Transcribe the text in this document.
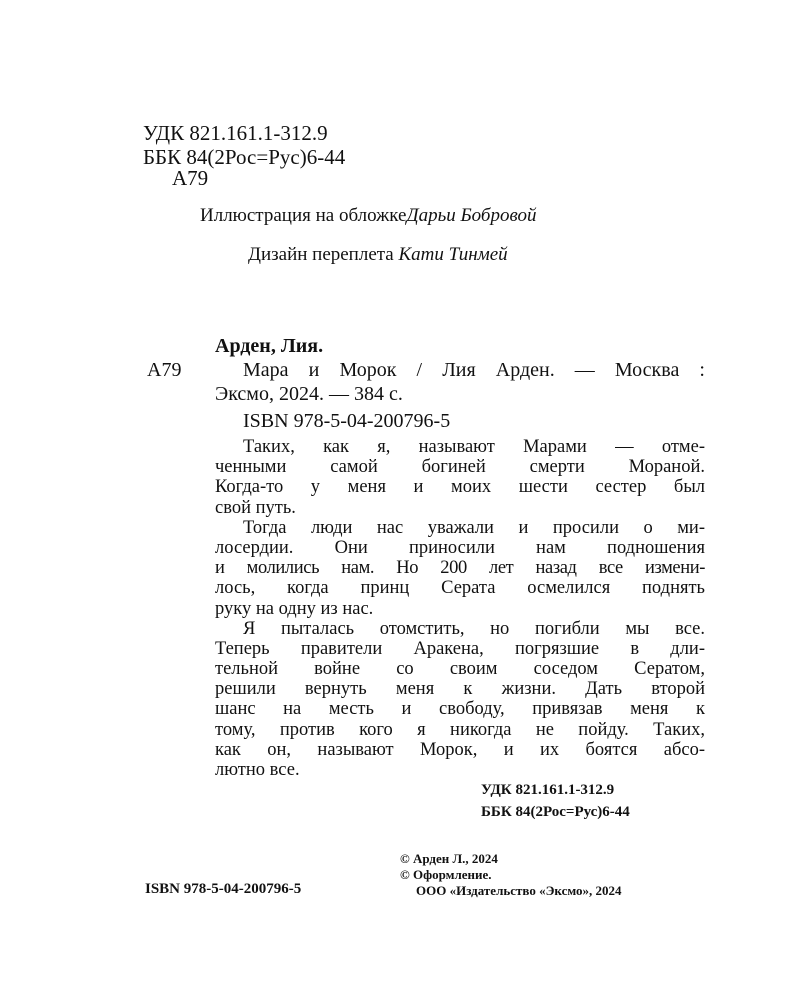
УДК 821.161.1-312.9
ББК 84(2Рос=Рус)6-44
А79
Иллюстрация на обложкеДарьи Бобровой
Дизайн переплета Кати Тинмей
Арден, Лия.
А79	Мара и Морок / Лия Арден. — Москва :
Эксмо, 2024. — 384 с.
ISBN 978-5-04-200796-5
Таких, как я, называют Марами — отме-
ченными самой богиней смерти Мораной.
Когда-то у меня и моих шести сестер был
свой путь.
Тогда люди нас уважали и просили о ми-
лосердии. Они приносили нам подношения
и молились нам. Но 200 лет назад все измени-
лось, когда принц Серата осмелился поднять
руку на одну из нас.
Я пыталась отомстить, но погибли мы все.
Теперь правители Аракена, погрязшие в дли-
тельной войне со своим соседом Сератом,
решили вернуть меня к жизни. Дать второй
шанс на месть и свободу, привязав меня к
тому, против кого я никогда не пойду. Таких,
как он, называют Морок, и их боятся абсо-
лютно все.
УДК 821.161.1-312.9
ББК 84(2Рос=Рус)6-44
© Арден Л., 2024
© Оформление.
ООО «Издательство «Эксмо», 2024
ISBN 978-5-04-200796-5
